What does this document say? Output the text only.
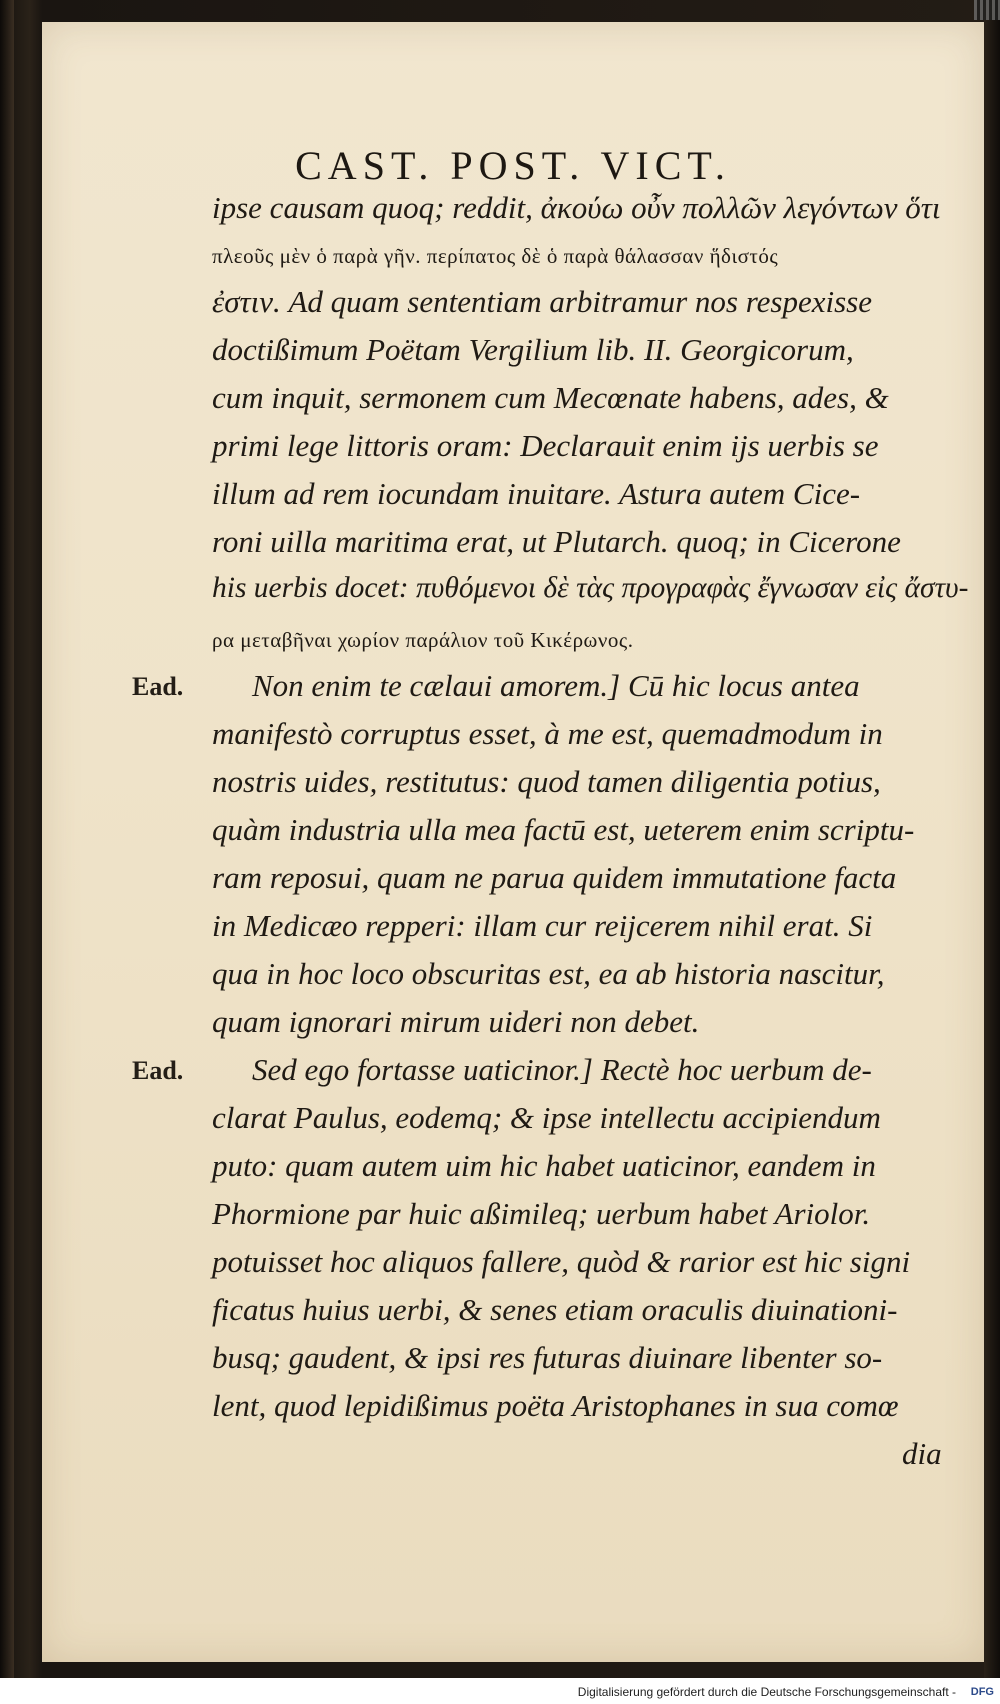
CAST. POST. VICT.
ipse causam quoq; reddit, ἀκούω οὖν πολλῶν λεγόντων ὅτι
πλεοῦς μὲν ὁ παρὰ γῆν. περίπατος δὲ ὁ παρὰ θάλασσαν ἥδιστός
ἐστιν. Ad quam sententiam arbitramur nos respexisse
doctißimum Poëtam Vergilium lib. II. Georgicorum,
cum inquit, sermonem cum Mecœnate habens, ades, &
primi lege littoris oram: Declarauit enim ijs uerbis se
illum ad rem iocundam inuitare. Astura autem Cice-
roni uilla maritima erat, ut Plutarch. quoq; in Cicerone
his uerbis docet: πυθόμενοι δὲ τὰς προγραφὰς ἔγνωσαν εἰς ἄστυ-
ρα μεταβῆναι χωρίον παράλιον τοῦ Κικέρωνος.
Ead. Non enim te cælaui amorem.] Cū hic locus antea
manifestò corruptus esset, à me est, quemadmodum in
nostris uides, restitutus: quod tamen diligentia potius,
quàm industria ulla mea factū est, ueterem enim scriptu-
ram reposui, quam ne parua quidem immutatione facta
in Medicæo repperi: illam cur reijcerem nihil erat. Si
qua in hoc loco obscuritas est, ea ab historia nascitur,
quam ignorari mirum uideri non debet.
Ead. Sed ego fortasse uaticinor.] Rectè hoc uerbum de-
clarat Paulus, eodemq; & ipse intellectu accipiendum
puto: quam autem uim hic habet uaticinor, eandem in
Phormione par huic aßimileq; uerbum habet Ariolor.
potuisset hoc aliquos fallere, quòd & rarior est hic signi
ficatus huius uerbi, & senes etiam oraculis diuinationi-
busq; gaudent, & ipsi res futuras diuinare libenter so-
lent, quod lepidißimus poëta Aristophanes in sua comœ
dia
Digitalisierung gefördert durch die Deutsche Forschungsgemeinschaft - DFG
